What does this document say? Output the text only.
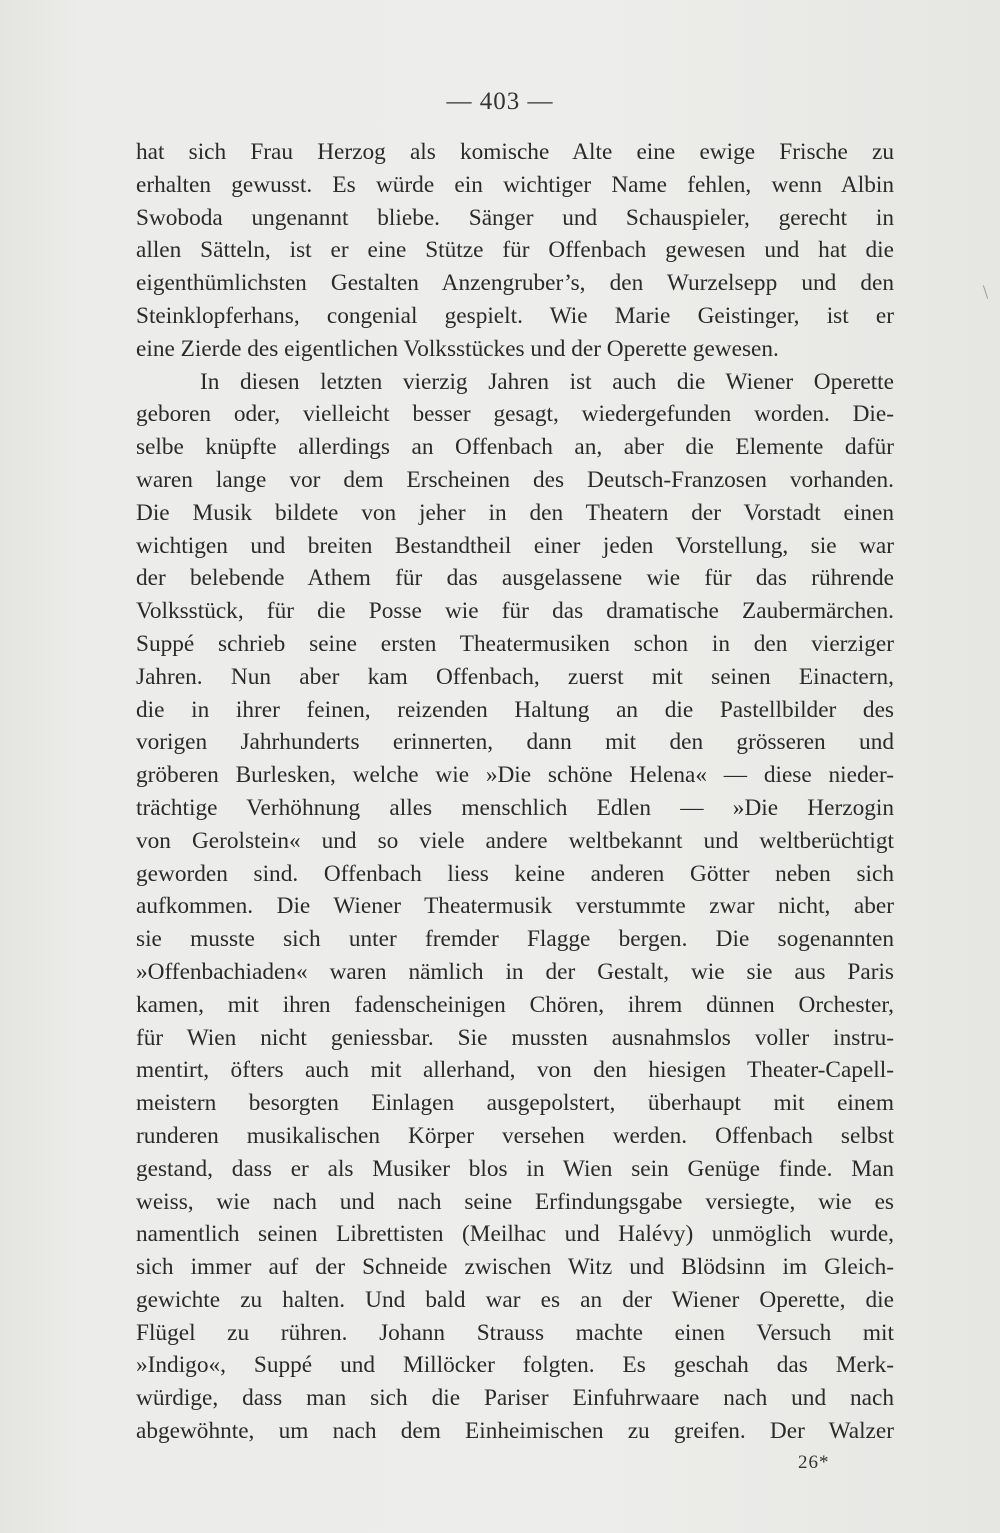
— 403 —
hat sich Frau Herzog als komische Alte eine ewige Frische zu
erhalten gewusst. Es würde ein wichtiger Name fehlen, wenn Albin
Swoboda ungenannt bliebe. Sänger und Schauspieler, gerecht in
allen Sätteln, ist er eine Stütze für Offenbach gewesen und hat die
eigenthümlichsten Gestalten Anzengruber’s, den Wurzelsepp und den
Steinklopferhans, congenial gespielt. Wie Marie Geistinger, ist er
eine Zierde des eigentlichen Volksstückes und der Operette gewesen.
In diesen letzten vierzig Jahren ist auch die Wiener Operette
geboren oder, vielleicht besser gesagt, wiedergefunden worden. Die-
selbe knüpfte allerdings an Offenbach an, aber die Elemente dafür
waren lange vor dem Erscheinen des Deutsch-Franzosen vorhanden.
Die Musik bildete von jeher in den Theatern der Vorstadt einen
wichtigen und breiten Bestandtheil einer jeden Vorstellung, sie war
der belebende Athem für das ausgelassene wie für das rührende
Volksstück, für die Posse wie für das dramatische Zaubermärchen.
Suppé schrieb seine ersten Theatermusiken schon in den vierziger
Jahren. Nun aber kam Offenbach, zuerst mit seinen Einactern,
die in ihrer feinen, reizenden Haltung an die Pastellbilder des
vorigen Jahrhunderts erinnerten, dann mit den grösseren und
gröberen Burlesken, welche wie »Die schöne Helena« — diese nieder-
trächtige Verhöhnung alles menschlich Edlen — »Die Herzogin
von Gerolstein« und so viele andere weltbekannt und weltberüchtigt
geworden sind. Offenbach liess keine anderen Götter neben sich
aufkommen. Die Wiener Theatermusik verstummte zwar nicht, aber
sie musste sich unter fremder Flagge bergen. Die sogenannten
»Offenbachiaden« waren nämlich in der Gestalt, wie sie aus Paris
kamen, mit ihren fadenscheinigen Chören, ihrem dünnen Orchester,
für Wien nicht geniessbar. Sie mussten ausnahmslos voller instru-
mentirt, öfters auch mit allerhand, von den hiesigen Theater-Capell-
meistern besorgten Einlagen ausgepolstert, überhaupt mit einem
runderen musikalischen Körper versehen werden. Offenbach selbst
gestand, dass er als Musiker blos in Wien sein Genüge finde. Man
weiss, wie nach und nach seine Erfindungsgabe versiegte, wie es
namentlich seinen Librettisten (Meilhac und Halévy) unmöglich wurde,
sich immer auf der Schneide zwischen Witz und Blödsinn im Gleich-
gewichte zu halten. Und bald war es an der Wiener Operette, die
Flügel zu rühren. Johann Strauss machte einen Versuch mit
»Indigo«, Suppé und Millöcker folgten. Es geschah das Merk-
würdige, dass man sich die Pariser Einfuhrwaare nach und nach
abgewöhnte, um nach dem Einheimischen zu greifen. Der Walzer
26*
